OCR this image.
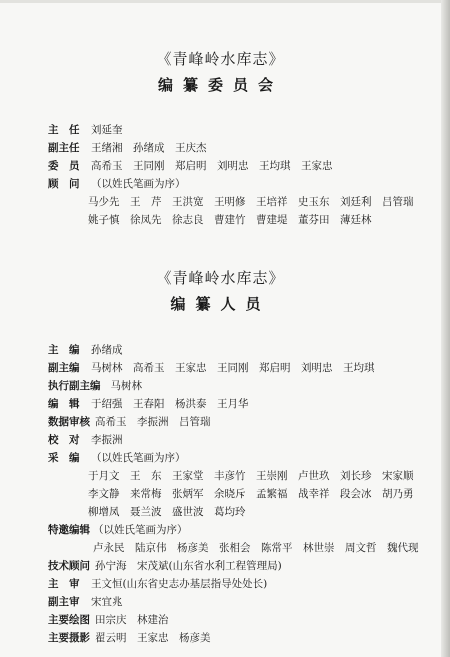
《青峰岭水库志》
编纂委员会
主　任 刘延奎
副主任 王绪湘　孙绪成　王庆杰
委　员 高希玉　王同刚　郑启明　刘明忠　王均琪　王家忠
顾　问 （以姓氏笔画为序）
马少先　王　芹　王洪宽　王明修　王培祥　史玉东　刘廷利　吕管瑞
姚子慎　徐凤先　徐志良　曹建竹　曹建堤　董芬田　薄廷林
《青峰岭水库志》
编纂人员
主　编 孙绪成
副主编 马树林　高希玉　王家忠　王同刚　郑启明　刘明忠　王均琪
执行副主编 马树林
编　辑 于绍强　王春阳　杨洪泰　王月华
数据审核 高希玉　李振洲　吕管瑞
校　对 李振洲
采　编 （以姓氏笔画为序）
于月文　王　东　王家堂　丰彦竹　王崇刚　卢世玖　刘长珍　宋家顺
李文静　来常梅　张炳军　余晓斥　孟繁福　战幸祥　段会冰　胡乃勇
柳增凤　聂兰波　盛世波　葛均玲
特邀编辑 （以姓氏笔画为序）
卢永民　陆京伟　杨彦美　张相会　陈常平　林世崇　周文哲　魏代现
技术顾问 孙宁海　宋茂斌(山东省水利工程管理局)
主　审 王文恒(山东省史志办基层指导处处长)
副主审 宋宜兆
主要绘图 田宗庆　林建治
主要摄影 翟云明　王家忠　杨彦美
